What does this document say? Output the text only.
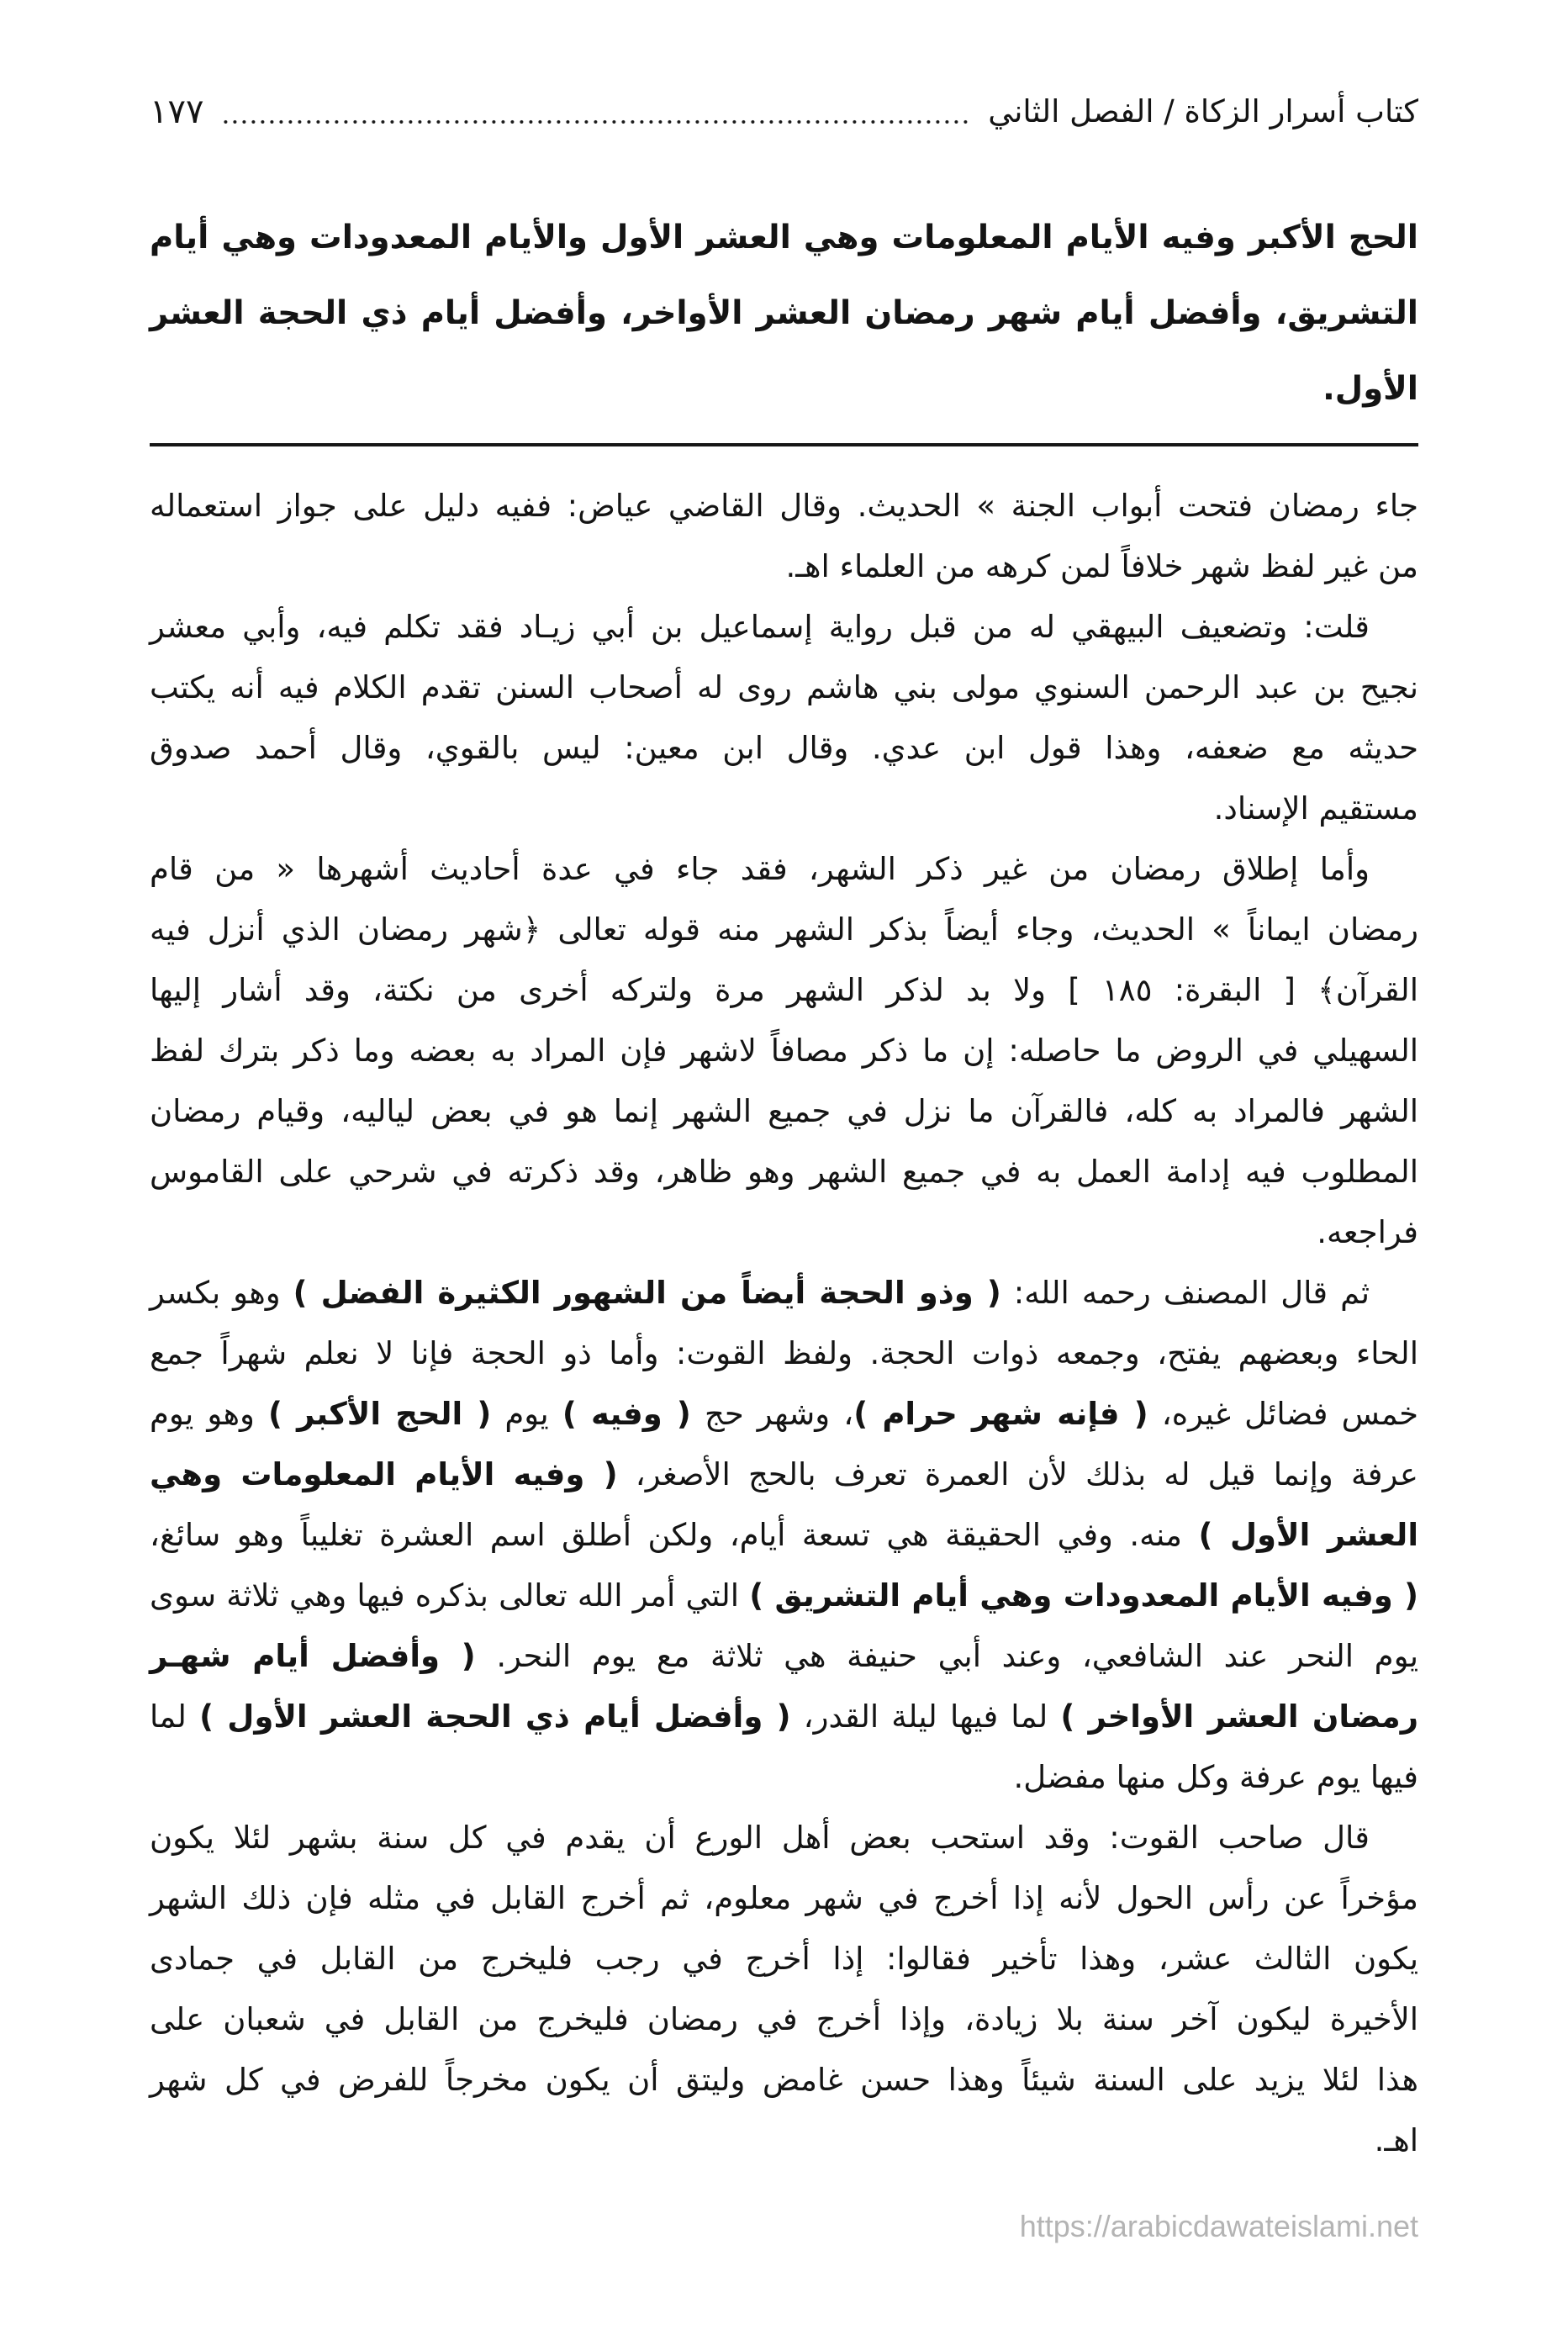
كتاب أسرار الزكاة / الفصل الثاني
١٧٧
الحج الأكبر وفيه الأيام المعلومات وهي العشر الأول والأيام المعدودات وهي أيام
التشريق، وأفضل أيام شهر رمضان العشر الأواخر، وأفضل أيام ذي الحجة العشر
الأول.
جاء رمضان فتحت أبواب الجنة » الحديث. وقال القاضي عياض: ففيه دليل على جواز استعماله
من غير لفظ شهر خلافاً لمن كرهه من العلماء اهـ.
قلت: وتضعيف البيهقي له من قبل رواية إسماعيل بن أبي زيـاد فقد تكلم فيه، وأبي معشر
نجيح بن عبد الرحمن السنوي مولى بني هاشم روى له أصحاب السنن تقدم الكلام فيه أنه يكتب
حديثه مع ضعفه، وهذا قول ابن عدي. وقال ابن معين: ليس بالقوي، وقال أحمد صدوق
مستقيم الإسناد.
وأما إطلاق رمضان من غير ذكر الشهر، فقد جاء في عدة أحاديث أشهرها « من قام
رمضان ايماناً » الحديث، وجاء أيضاً بذكر الشهر منه قوله تعالى ﴿شهر رمضان الذي أنزل فيه
القرآن﴾ [ البقرة: ١٨٥ ] ولا بد لذكر الشهر مرة ولتركه أخرى من نكتة، وقد أشار إليها
السهيلي في الروض ما حاصله: إن ما ذكر مصافاً لاشهر فإن المراد به بعضه وما ذكر بترك لفظ
الشهر فالمراد به كله، فالقرآن ما نزل في جميع الشهر إنما هو في بعض لياليه، وقيام رمضان
المطلوب فيه إدامة العمل به في جميع الشهر وهو ظاهر، وقد ذكرته في شرحي على القاموس
فراجعه.
ثم قال المصنف رحمه الله: ( وذو الحجة أيضاً من الشهور الكثيرة الفضل ) وهو بكسر
الحاء وبعضهم يفتح، وجمعه ذوات الحجة. ولفظ القوت: وأما ذو الحجة فإنا لا نعلم شهراً جمع
خمس فضائل غيره، ( فإنه شهر حرام )، وشهر حج ( وفيه ) يوم ( الحج الأكبر ) وهو يوم
عرفة وإنما قيل له بذلك لأن العمرة تعرف بالحج الأصغر، ( وفيه الأيام المعلومات وهي
العشر الأول ) منه. وفي الحقيقة هي تسعة أيام، ولكن أطلق اسم العشرة تغليباً وهو سائغ،
( وفيه الأيام المعدودات وهي أيام التشريق ) التي أمر الله تعالى بذكره فيها وهي ثلاثة سوى
يوم النحر عند الشافعي، وعند أبي حنيفة هي ثلاثة مع يوم النحر. ( وأفضل أيام شهـر
رمضان العشر الأواخر ) لما فيها ليلة القدر، ( وأفضل أيام ذي الحجة العشر الأول ) لما
فيها يوم عرفة وكل منها مفضل.
قال صاحب القوت: وقد استحب بعض أهل الورع أن يقدم في كل سنة بشهر لئلا يكون
مؤخراً عن رأس الحول لأنه إذا أخرج في شهر معلوم، ثم أخرج القابل في مثله فإن ذلك الشهر
يكون الثالث عشر، وهذا تأخير فقالوا: إذا أخرج في رجب فليخرج من القابل في جمادى
الأخيرة ليكون آخر سنة بلا زيادة، وإذا أخرج في رمضان فليخرج من القابل في شعبان على
هذا لئلا يزيد على السنة شيئاً وهذا حسن غامض وليتق أن يكون مخرجاً للفرض في كل شهر
اهـ.
https://arabicdawateislami.net
